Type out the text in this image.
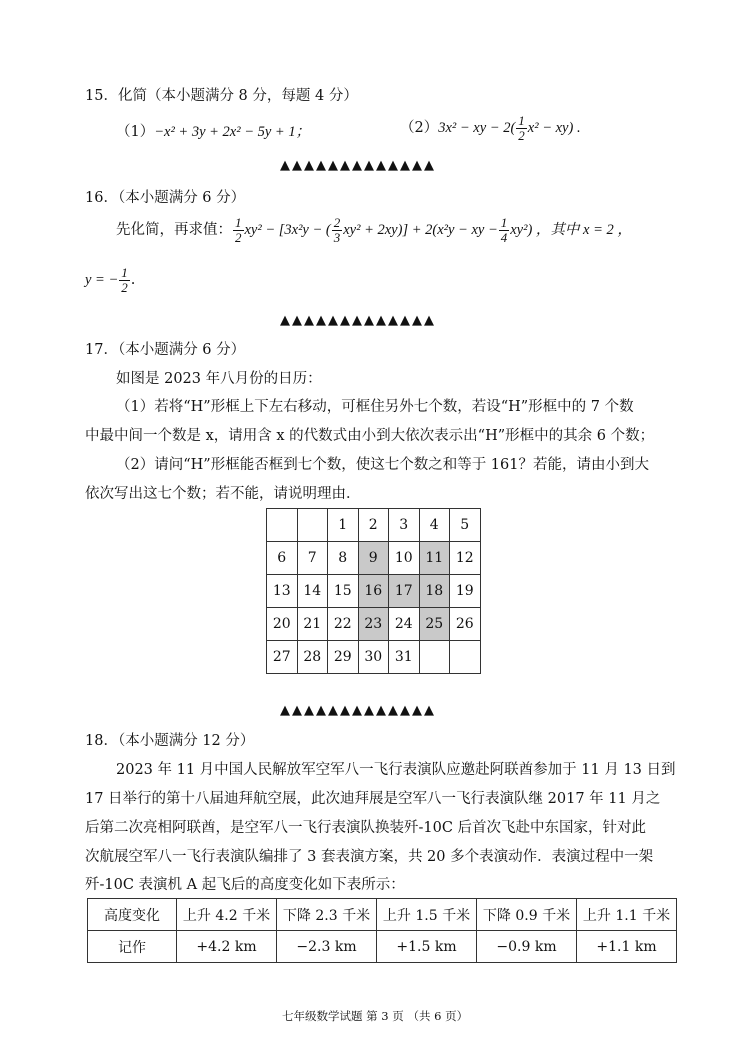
15．化简（本小题满分 8 分，每题 4 分）
（1）−x² + 3y + 2x² − 5y + 1；	（2）3x² − xy − $2( \frac{1}{2} x^2 - xy)$ .
▲▲▲▲▲▲▲▲▲▲▲▲▲
16．（本小题满分 6 分）
先化简，再求值： $\frac{1}{2} xy^2 - [3x^2y$ − ( $\frac{2}{3} xy^2 + 2xy)] + 2(x^2y$ − xy − $\frac{1}{4} xy^2$) ，其中 x = 2 ，
y = − $\frac{1}{2}$ .
▲▲▲▲▲▲▲▲▲▲▲▲▲
17．（本小题满分 6 分）
如图是 2023 年八月份的日历：
（1）若将“H”形框上下左右移动，可框住另外七个数，若设“H”形框中的 7 个数
中最中间一个数是 x，请用含 x 的代数式由小到大依次表示出“H”形框中的其余 6 个数；
（2）请问“H”形框能否框到七个数，使这七个数之和等于 161？若能，请由小到大
依次写出这七个数；若不能，请说明理由．
		1	2	3	4	5
6	7	8	9	10	11	12
13	14	15	16	17	18	19
20	21	22	23	24	25	26
27	28	29	30	31		
▲▲▲▲▲▲▲▲▲▲▲▲▲
18．（本小题满分 12 分）
2023 年 11 月中国人民解放军空军八一飞行表演队应邀赴阿联酋参加于 11 月 13 日到
17 日举行的第十八届迪拜航空展，此次迪拜展是空军八一飞行表演队继 2017 年 11 月之
后第二次亮相阿联酋，是空军八一飞行表演队换装歼-10C 后首次飞赴中东国家，针对此
次航展空军八一飞行表演队编排了 3 套表演方案，共 20 多个表演动作．表演过程中一架
歼-10C 表演机 A 起飞后的高度变化如下表所示：
高度变化	上升 4.2 千米	下降 2.3 千米	上升 1.5 千米	下降 0.9 千米	上升 1.1 千米
记作	+4.2 km	−2.3 km	+1.5 km	−0.9 km	+1.1 km
七年级数学试题 第 3 页 （共 6 页）
